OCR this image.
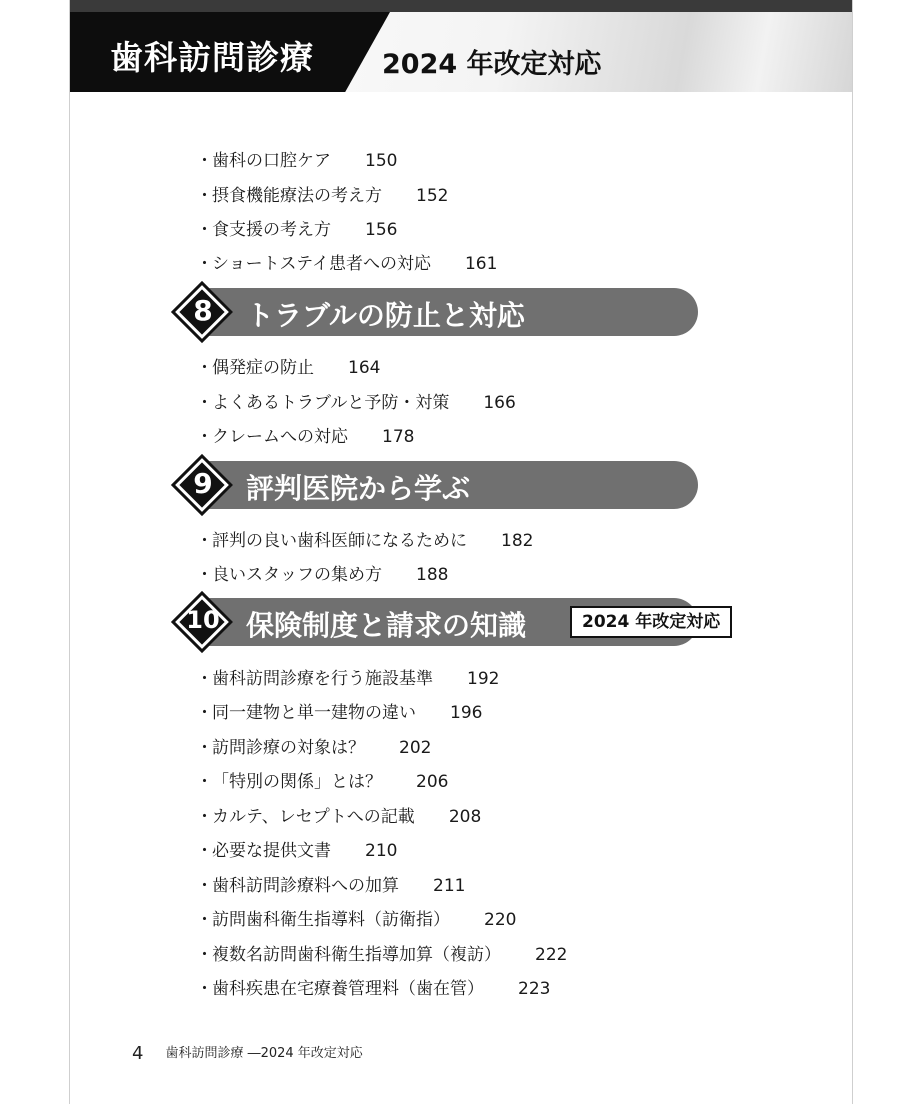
歯科訪問診療	2024 年改定対応
・歯科の口腔ケア 150
・摂食機能療法の考え方 152
・食支援の考え方 156
・ショートステイ患者への対応 161
8	トラブルの防止と対応
・偶発症の防止 164
・よくあるトラブルと予防・対策 166
・クレームへの対応 178
9	評判医院から学ぶ
・評判の良い歯科医師になるために 182
・良いスタッフの集め方 188
10 保険制度と請求の知識	2024 年改定対応
・歯科訪問診療を行う施設基準 192
・同一建物と単一建物の違い 196
・訪問診療の対象は？ 202
・「特別の関係」とは？ 206
・カルテ、レセプトへの記載 208
・必要な提供文書 210
・歯科訪問診療料への加算 211
・訪問歯科衛生指導料（訪衛指） 220
・複数名訪問歯科衛生指導加算（複訪） 222
・歯科疾患在宅療養管理料（歯在管） 223
4 歯科訪問診療 ―2024 年改定対応
